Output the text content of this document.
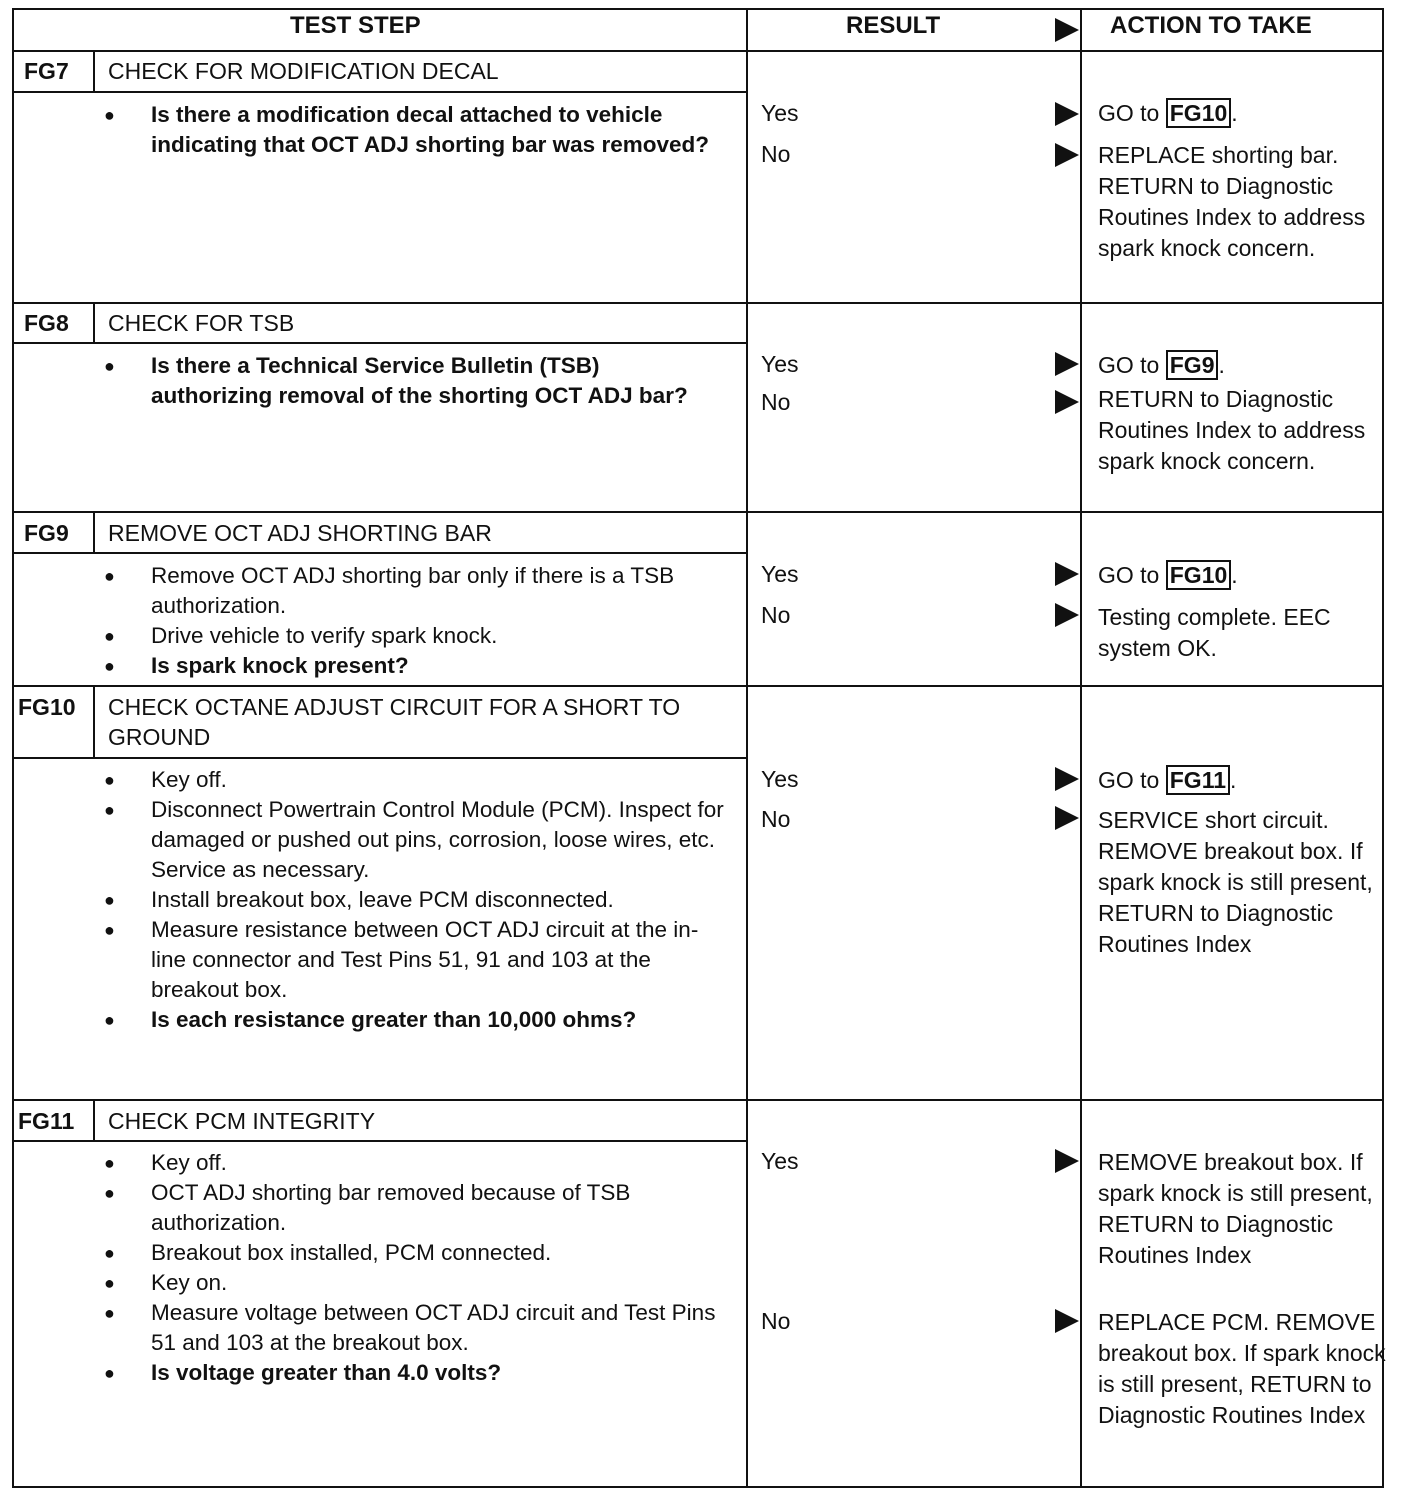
TEST STEP	RESULT	ACTION TO TAKE
FG7 CHECK FOR MODIFICATION DECAL
● Is there a modification decal attached to vehicle indicating that OCT ADJ shorting bar was removed?
Yes	GO to FG10 .
No	REPLACE shorting bar. RETURN to Diagnostic Routines Index to address spark knock concern.
FG8 CHECK FOR TSB
● Is there a Technical Service Bulletin (TSB) authorizing removal of the shorting OCT ADJ bar?
Yes	GO to FG9 .
No	RETURN to Diagnostic Routines Index to address spark knock concern.
FG9 REMOVE OCT ADJ SHORTING BAR
● Remove OCT ADJ shorting bar only if there is a TSB authorization.
● Drive vehicle to verify spark knock.
● Is spark knock present?
Yes	GO to FG10 .
No	Testing complete. EEC system OK.
FG10 CHECK OCTANE ADJUST CIRCUIT FOR A SHORT TO GROUND
● Key off.
● Disconnect Powertrain Control Module (PCM). Inspect for damaged or pushed out pins, corrosion, loose wires, etc. Service as necessary.
● Install breakout box, leave PCM disconnected.
● Measure resistance between OCT ADJ circuit at the in-line connector and Test Pins 51, 91 and 103 at the breakout box.
● Is each resistance greater than 10,000 ohms?
Yes	GO to FG11 .
No	SERVICE short circuit. REMOVE breakout box. If spark knock is still present, RETURN to Diagnostic Routines Index
FG11 CHECK PCM INTEGRITY
● Key off.
● OCT ADJ shorting bar removed because of TSB authorization.
● Breakout box installed, PCM connected.
● Key on.
● Measure voltage between OCT ADJ circuit and Test Pins 51 and 103 at the breakout box.
● Is voltage greater than 4.0 volts?
Yes	REMOVE breakout box. If spark knock is still present, RETURN to Diagnostic Routines Index
No	REPLACE PCM. REMOVE breakout box. If spark knock is still present, RETURN to Diagnostic Routines Index
